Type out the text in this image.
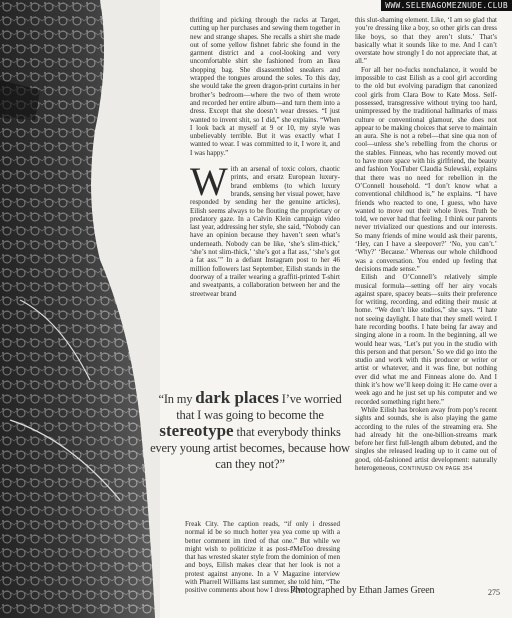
WWW.SELENAGOMEZNUDE.CLUB

thrifting and picking through the racks at Target, cutting up her purchases and sewing them together in new and strange shapes. She recalls a shirt she made out of some yellow fishnet fabric she found in the garment district and a cool-looking and very uncomfortable shirt she fashioned from an Ikea shopping bag. She disassembled sneakers and wrapped the tongues around the soles. To this day, she would take the green dragon-print curtains in her brother’s bedroom—where the two of them wrote and recorded her entire album—and turn them into a dress. Except that she doesn’t wear dresses. “I just wanted to invent shit, so I did,” she explains. “When I look back at myself at 9 or 10, my style was unbelievably terrible. But it was exactly what I wanted to wear. I was committed to it, I wore it, and I was happy.”

With an arsenal of toxic colors, chaotic prints, and ersatz European luxury-brand emblems (to which luxury brands, sensing her visual power, have responded by sending her the genuine articles), Eilish seems always to be flouting the proprietary or predatory gaze. In a Calvin Klein campaign video last year, addressing her style, she said, “Nobody can have an opinion because they haven’t seen what’s underneath. Nobody can be like, ‘she’s slim-thick,’ ‘she’s not slim-thick,’ ‘she’s got a flat ass,’ ‘she’s got a fat ass.’” In a defiant Instagram post to her 46 million followers last September, Eilish stands in the doorway of a trailer wearing a graffiti-printed T-shirt and sweatpants, a collaboration between her and the streetwear brand

“In my dark places I’ve worried that I was going to become the stereotype that everybody thinks every young artist becomes, because how can they not?”

Freak City. The caption reads, “if only i dressed normal id be so much hotter yea yea come up with a better comment im tired of that one.” But while we might wish to politicize it as post-#MeToo dressing that has wrested skater style from the dominion of men and boys, Eilish makes clear that her look is not a protest against anyone. In a V Magazine interview with Pharrell Williams last summer, she told him, “The positive comments about how I dress have

this slut-shaming element. Like, ‘I am so glad that you’re dressing like a boy, so other girls can dress like boys, so that they aren’t sluts.’ That’s basically what it sounds like to me. And I can’t overstate how strongly I do not appreciate that, at all.”

For all her no-fucks nonchalance, it would be impossible to cast Eilish as a cool girl according to the old but evolving paradigm that canonized cool girls from Clara Bow to Kate Moss. Self-possessed, transgressive without trying too hard, unimpressed by the traditional hallmarks of mass culture or conventional glamour, she does not appear to be making choices that serve to maintain an aura. She is not a rebel—that sine qua non of cool—unless she’s rebelling from the chorus or the stables. Finneas, who has recently moved out to have more space with his girlfriend, the beauty and fashion YouTuber Claudia Sulewski, explains that there was no need for rebellion in the O’Connell household. “I don’t know what a conventional childhood is,” he explains. “I have friends who reacted to one, I guess, who have wanted to move out their whole lives. Truth be told, we never had that feeling. I think our parents never trivialized our questions and our interests. So many friends of mine would ask their parents, ‘Hey, can I have a sleepover?’ ‘No, you can’t.’ ‘Why?’ ‘Because.’ Whereas our whole childhood was a conversation. You ended up feeling that decisions made sense.”

Eilish and O’Connell’s relatively simple musical formula—setting off her airy vocals against spare, spacey beats—suits their preference for writing, recording, and editing their music at home. “We don’t like studios,” she says. “I hate not seeing daylight. I hate that they smell weird. I hate recording booths. I hate being far away and singing alone in a room. In the beginning, all we would hear was, ‘Let’s put you in the studio with this person and that person.’ So we did go into the studio and work with this producer or writer or artist or whatever, and it was fine, but nothing ever did what me and Finneas alone do. And I think it’s how we’ll keep doing it: He came over a week ago and he just set up his computer and we recorded something right here.”

While Eilish has broken away from pop’s recent sights and sounds, she is also playing the game according to the rules of the streaming era. She had already hit the one-billion-streams mark before her first full-length album debuted, and the singles she released leading up to it came out of good, old-fashioned artist development: naturally heterogeneous, CONTINUED ON PAGE 354

Photographed by Ethan James Green	275
